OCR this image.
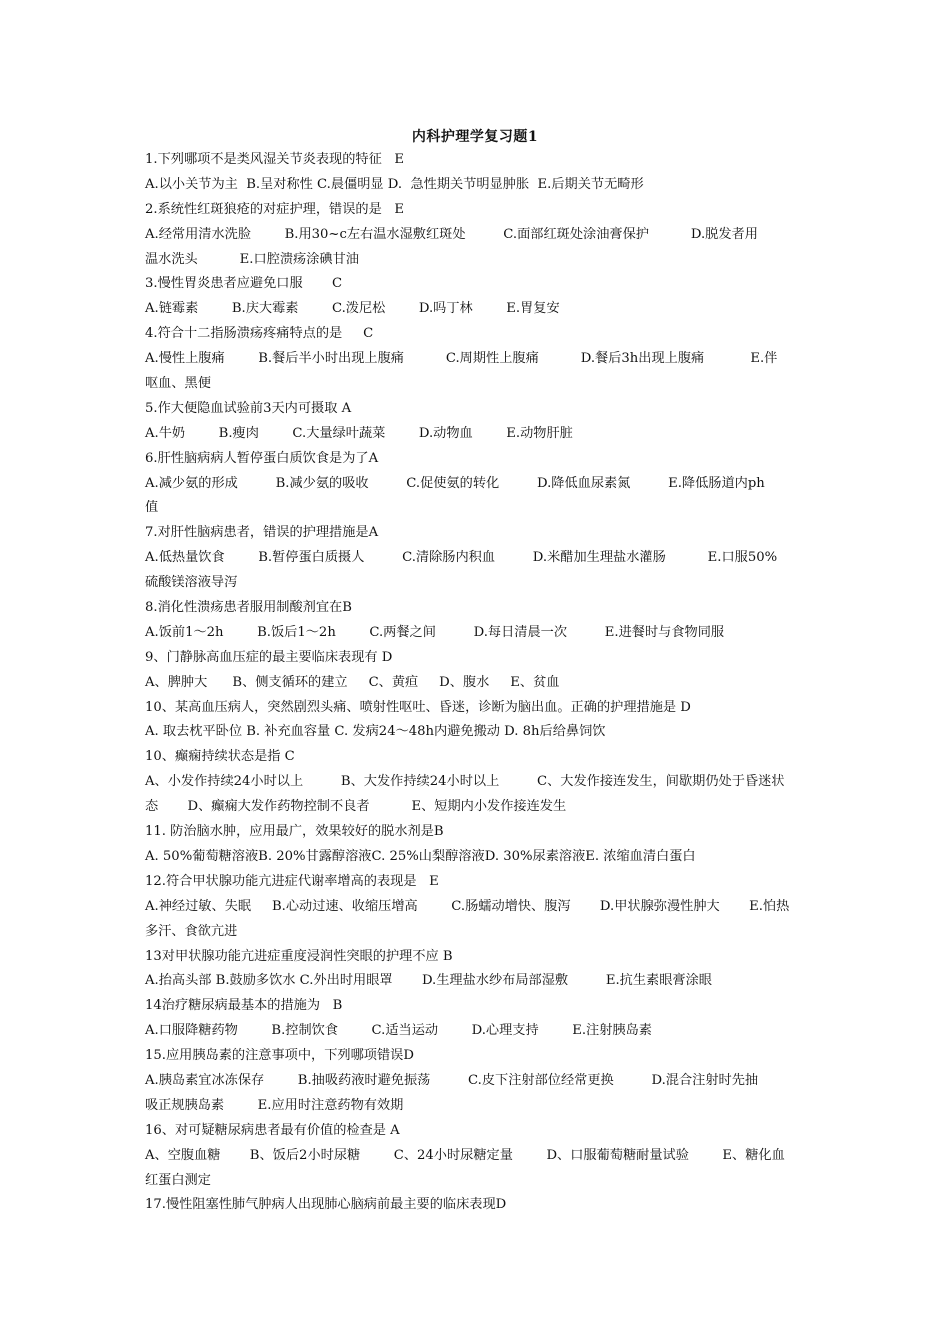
内科护理学复习题1
1.下列哪项不是类风湿关节炎表现的特征   E
A.以小关节为主  B.呈对称性 C.晨僵明显 D.  急性期关节明显肿胀  E.后期关节无畸形
2.系统性红斑狼疮的对症护理，错误的是   E
A.经常用清水洗脸        B.用30~c左右温水湿敷红斑处         C.面部红斑处涂油膏保护          D.脱发者用
温水洗头          E.口腔溃疡涂碘甘油
3.慢性胃炎患者应避免口服       C
A.链霉素        B.庆大霉素        C.泼尼松        D.吗丁林        E.胃复安
4.符合十二指肠溃疡疼痛特点的是     C
A.慢性上腹痛        B.餐后半小时出现上腹痛          C.周期性上腹痛          D.餐后3h出现上腹痛           E.伴
呕血、黑便
5.作大便隐血试验前3天内可摄取 A
A.牛奶        B.瘦肉        C.大量绿叶蔬菜        D.动物血        E.动物肝脏
6.肝性脑病病人暂停蛋白质饮食是为了A
A.减少氨的形成         B.减少氨的吸收         C.促使氨的转化         D.降低血尿素氮         E.降低肠道内ph
值
7.对肝性脑病患者，错误的护理措施是A
A.低热量饮食        B.暂停蛋白质摄人         C.清除肠内积血         D.米醋加生理盐水灌肠          E.口服50%
硫酸镁溶液导泻
8.消化性溃疡患者服用制酸剂宜在B
A.饭前1～2h        B.饭后1～2h        C.两餐之间         D.每日清晨一次         E.进餐时与食物同服
9、门静脉高血压症的最主要临床表现有 D
A、脾肿大      B、侧支循环的建立     C、黄疸     D、腹水     E、贫血
10、某高血压病人，突然剧烈头痛、喷射性呕吐、昏迷，诊断为脑出血。正确的护理措施是 D
A. 取去枕平卧位 B. 补充血容量 C. 发病24～48h内避免搬动 D. 8h后给鼻饲饮
10、癫痫持续状态是指 C
A、小发作持续24小时以上         B、大发作持续24小时以上         C、大发作接连发生，间歇期仍处于昏迷状
态       D、癫痫大发作药物控制不良者          E、短期内小发作接连发生
11. 防治脑水肿，应用最广，效果较好的脱水剂是B
A. 50%葡萄糖溶液B. 20%甘露醇溶液C. 25%山梨醇溶液D. 30%尿素溶液E. 浓缩血清白蛋白
12.符合甲状腺功能亢进症代谢率增高的表现是   E
A.神经过敏、失眠     B.心动过速、收缩压增高        C.肠蠕动增快、腹泻       D.甲状腺弥漫性肿大       E.怕热
多汗、食欲亢进
13对甲状腺功能亢进症重度浸润性突眼的护理不应 B
A.抬高头部 B.鼓励多饮水 C.外出时用眼罩       D.生理盐水纱布局部湿敷         E.抗生素眼膏涂眼
14治疗糖尿病最基本的措施为   B
A.口服降糖药物        B.控制饮食        C.适当运动        D.心理支持        E.注射胰岛素
15.应用胰岛素的注意事项中，下列哪项错误D
A.胰岛素宜冰冻保存        B.抽吸药液时避免振荡         C.皮下注射部位经常更换         D.混合注射时先抽
吸正规胰岛素        E.应用时注意药物有效期
16、对可疑糖尿病患者最有价值的检查是 A
A、空腹血糖       B、饭后2小时尿糖        C、24小时尿糖定量        D、口服葡萄糖耐量试验        E、糖化血
红蛋白测定
17.慢性阻塞性肺气肿病人出现肺心脑病前最主要的临床表现D
